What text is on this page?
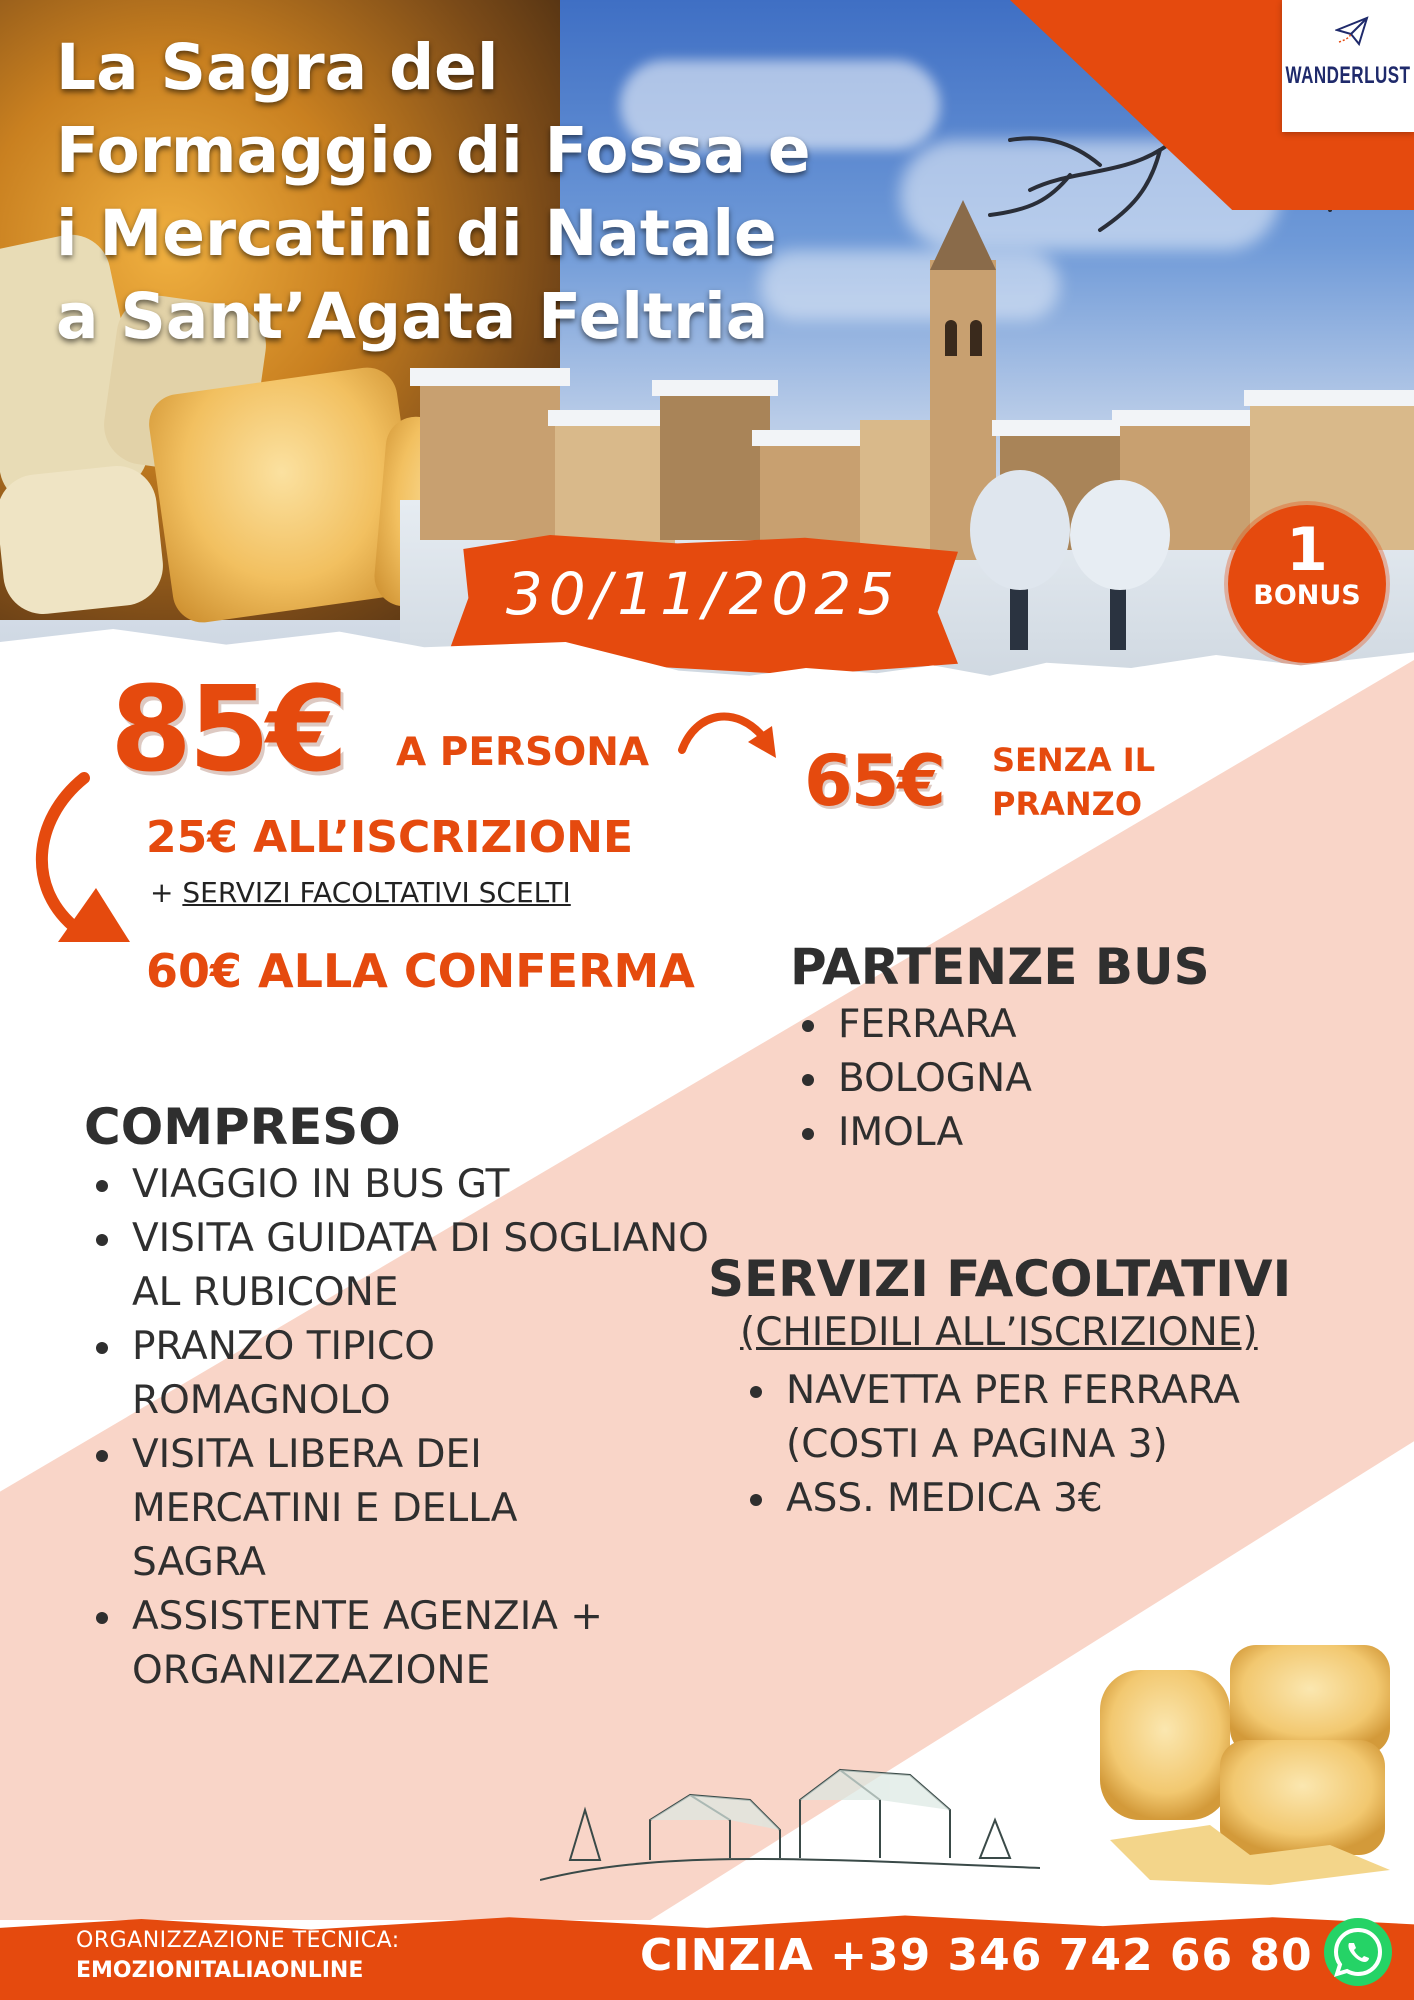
La Sagra del
Formaggio di Fossa e
i Mercatini di Natale
a Sant’Agata Feltria
WANDERLUST
30/11/2025
1
BONUS
85€ A PERSONA 65€ SENZA IL PRANZO
25€ ALL’ISCRIZIONE
+ SERVIZI FACOLTATIVI SCELTI
60€ ALLA CONFERMA PARTENZE BUS
• FERRARA
• BOLOGNA
• IMOLA
COMPRESO
• VIAGGIO IN BUS GT
• VISITA GUIDATA DI SOGLIANO AL RUBICONE
• PRANZO TIPICO ROMAGNOLO
• VISITA LIBERA DEI MERCATINI E DELLA SAGRA
• ASSISTENTE AGENZIA + ORGANIZZAZIONE
SERVIZI FACOLTATIVI
(CHIEDILI ALL’ISCRIZIONE)
• NAVETTA PER FERRARA (COSTI A PAGINA 3)
• ASS. MEDICA 3€
ORGANIZZAZIONE TECNICA:
EMOZIONITALIAONLINE	CINZIA +39 346 742 66 80
